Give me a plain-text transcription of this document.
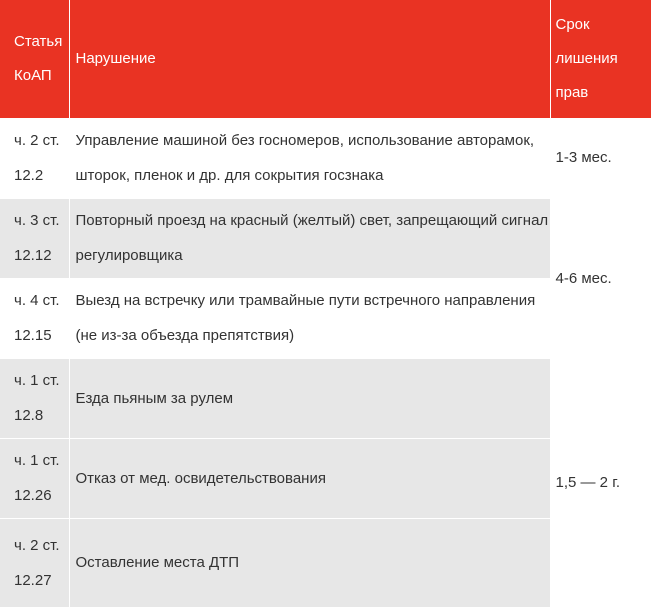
Статья КоАП	Нарушение	Срок лишения прав
ч. 2 ст. 12.2	Управление машиной без госномеров, использование авторамок, шторок, пленок и др. для сокрытия госзнака	1-3 мес.
ч. 3 ст. 12.12	Повторный проезд на красный (желтый) свет, запрещающий сигнал регулировщика	4-6 мес.
ч. 4 ст. 12.15	Выезд на встречку или трамвайные пути встречного направления (не из-за объезда препятствия)	
ч. 1 ст. 12.8	Езда пьяным за рулем	1,5 — 2 г.
ч. 1 ст. 12.26	Отказ от мед. освидетельствования	
ч. 2 ст. 12.27	Оставление места ДТП	
